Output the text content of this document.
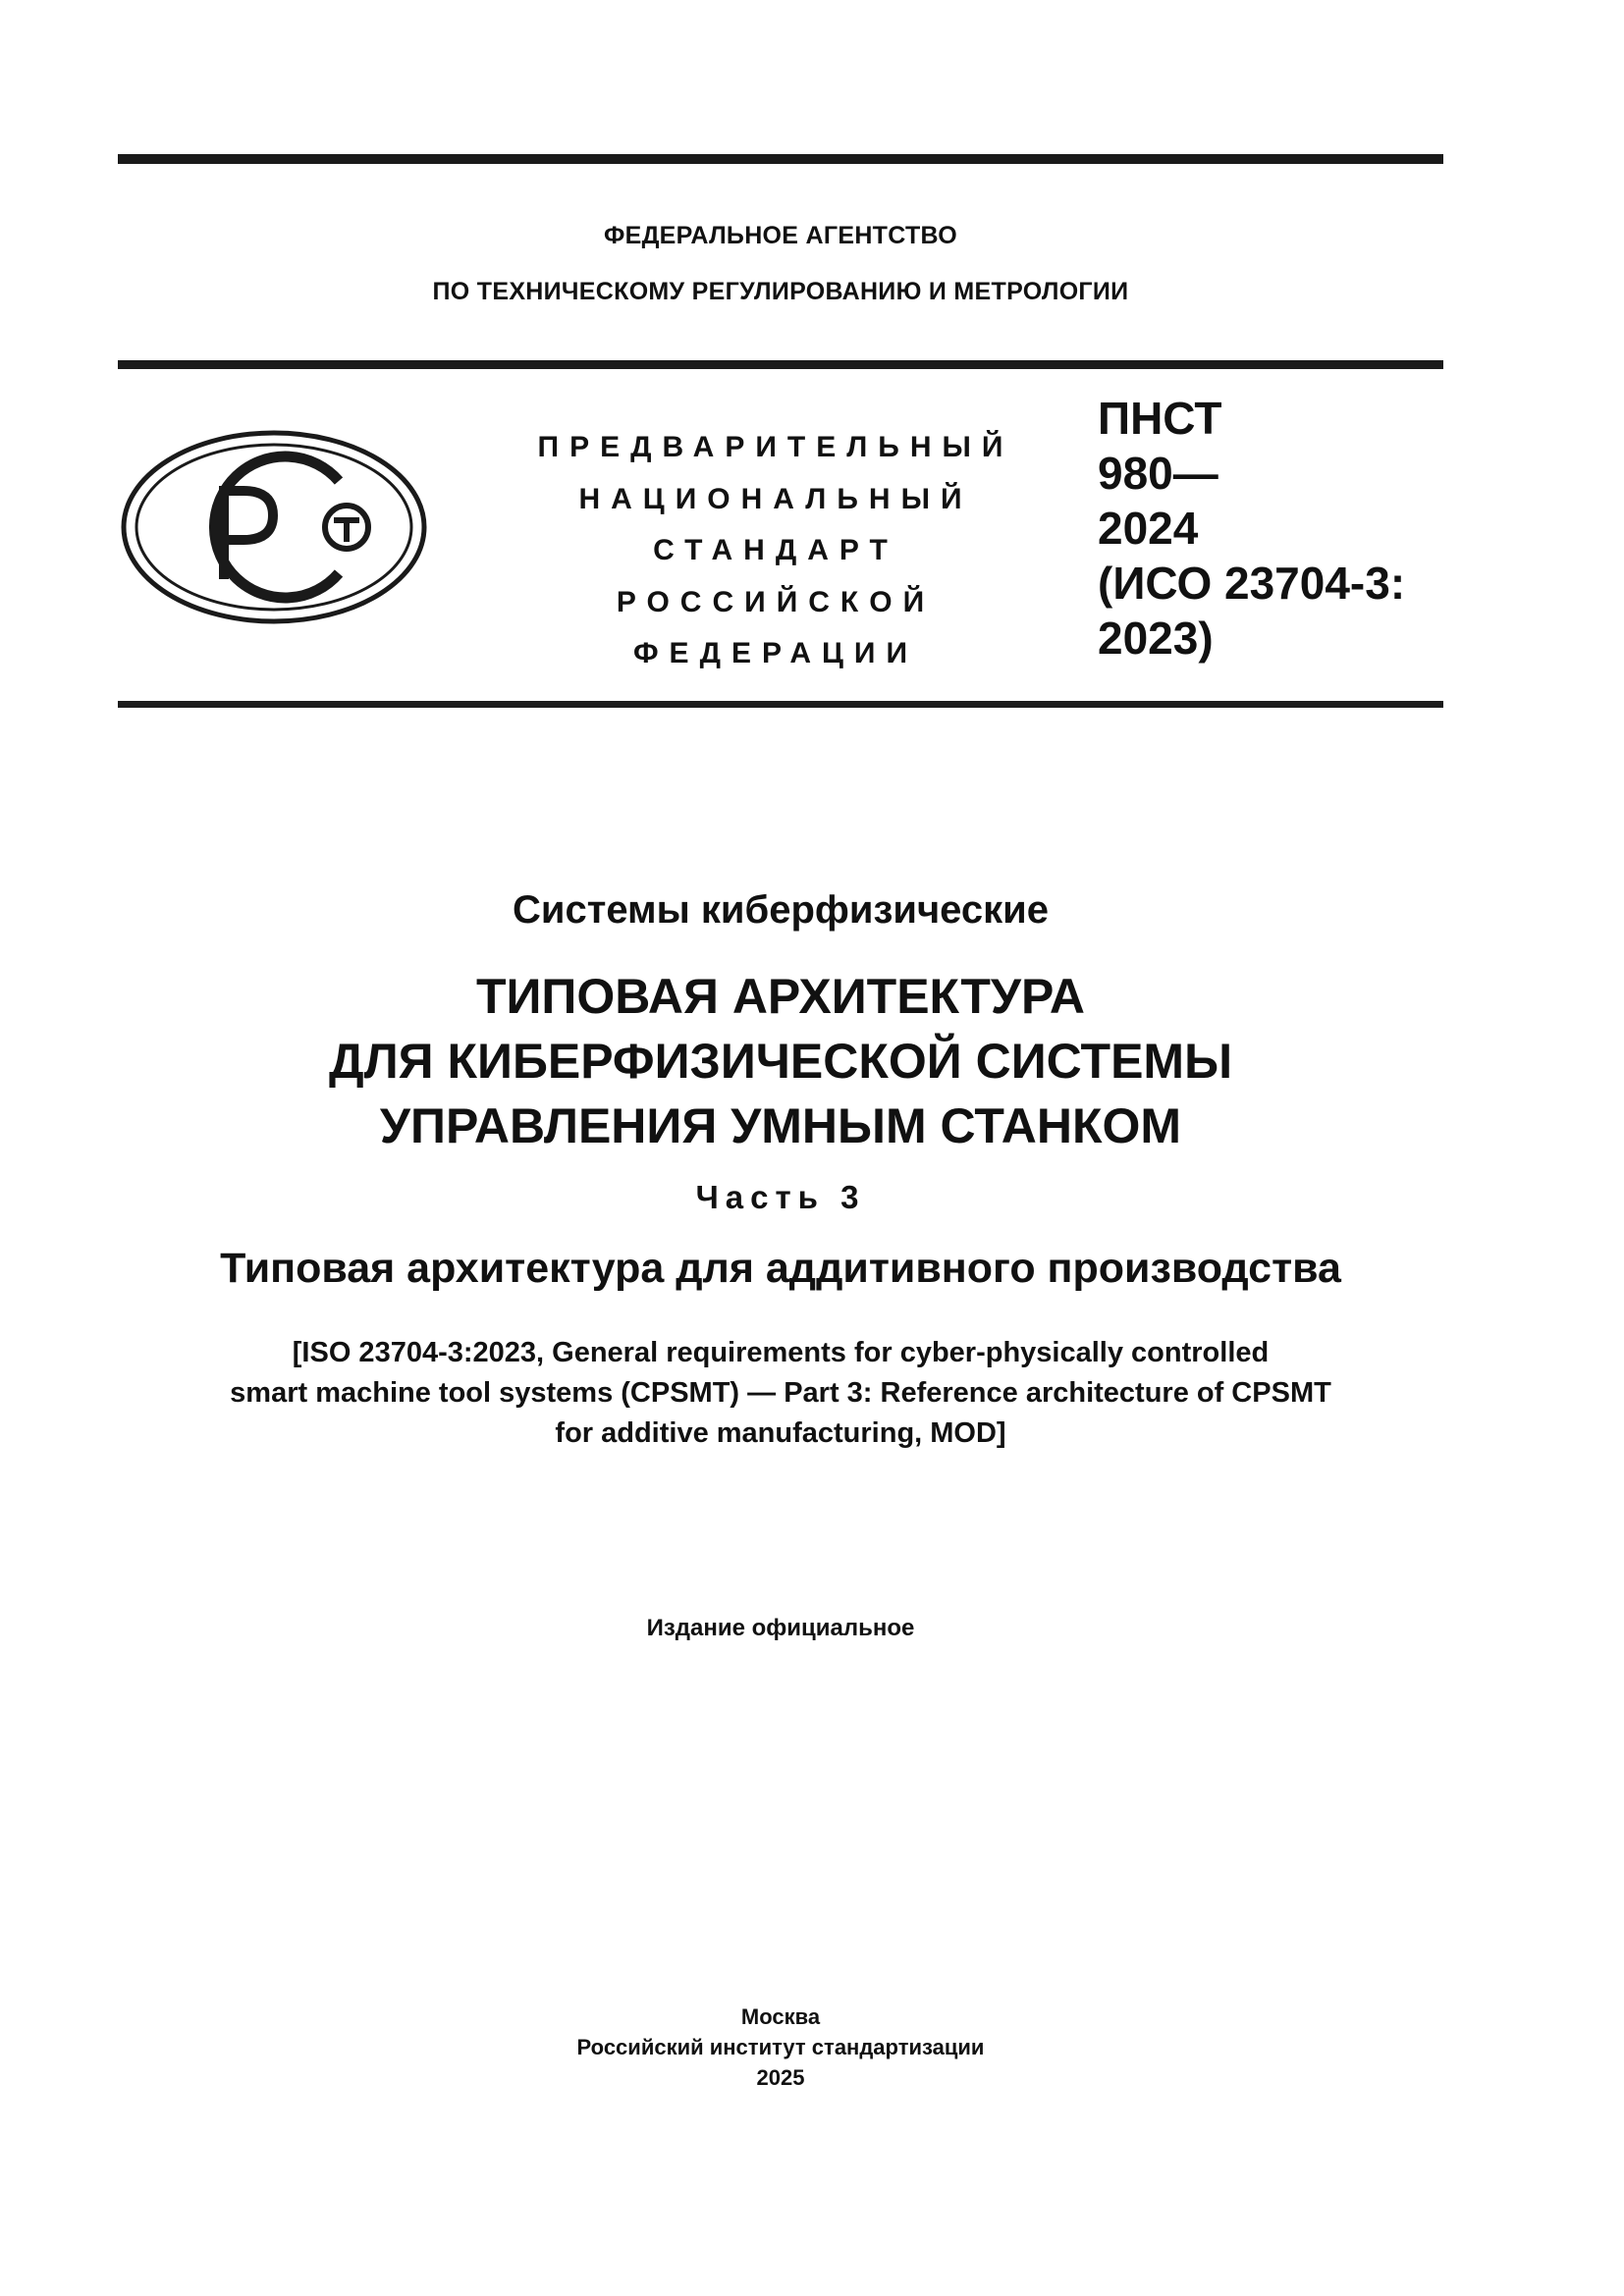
ФЕДЕРАЛЬНОЕ АГЕНТСТВО
ПО ТЕХНИЧЕСКОМУ РЕГУЛИРОВАНИЮ И МЕТРОЛОГИИ
ПРЕДВАРИТЕЛЬНЫЙ
НАЦИОНАЛЬНЫЙ
СТАНДАРТ
РОССИЙСКОЙ
ФЕДЕРАЦИИ
ПНСТ
980—
2024
(ИСО 23704-3:
2023)
Системы киберфизические
ТИПОВАЯ АРХИТЕКТУРА
ДЛЯ КИБЕРФИЗИЧЕСКОЙ СИСТЕМЫ
УПРАВЛЕНИЯ УМНЫМ СТАНКОМ
Часть 3
Типовая архитектура для аддитивного производства
[ISO 23704-3:2023, General requirements for cyber-physically controlled
smart machine tool systems (CPSMT) — Part 3: Reference architecture of CPSMT
for additive manufacturing, MOD]
Издание официальное
Москва
Российский институт стандартизации
2025
